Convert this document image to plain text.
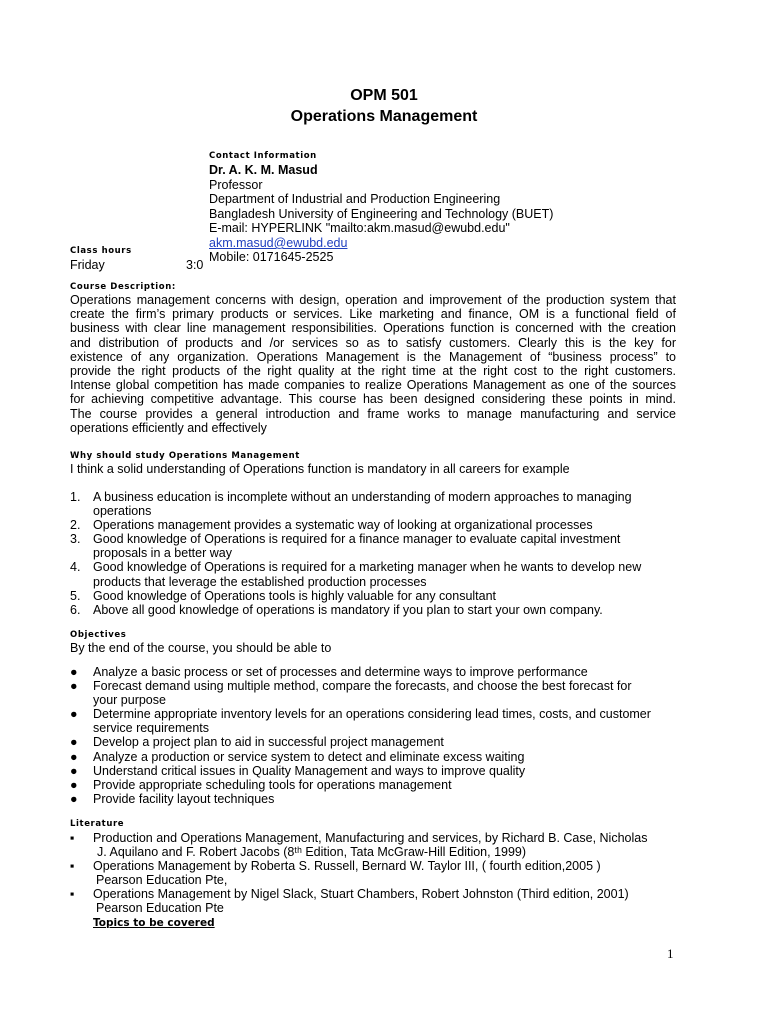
OPM 501
Operations Management
Contact Information
Dr. A. K. M. Masud
Professor
Department of Industrial and Production Engineering
Bangladesh University of Engineering and Technology (BUET)
E-mail: HYPERLINK "mailto:akm.masud@ewubd.edu"
akm.masud@ewubd.edu
Mobile: 0171645-2525
Class hours
Friday	3:0
Course Description:

Operations management concerns with design, operation and improvement of the production system that

create the firm’s primary products or services. Like marketing and finance, OM is a functional field of

business with clear line management responsibilities. Operations function is concerned with the creation

and distribution of products and /or services so as to satisfy customers. Clearly this is the key for

existence of any organization. Operations Management is the Management of “business process” to

provide the right products of the right quality at the right time at the right cost to the right customers.

Intense global competition has made companies to realize Operations Management as one of the sources

for achieving competitive advantage. This course has been designed considering these points in mind.

The course provides a general introduction and frame works to manage manufacturing and service

operations efficiently and effectively

Why should study Operations Management
I think a solid understanding of Operations function is mandatory in all careers for example
1.	A business education is incomplete without an understanding of modern approaches to managing
operations
2.	Operations management provides a systematic way of looking at organizational processes
3.	Good knowledge of Operations is required for a finance manager to evaluate capital investment
proposals in a better way
4.	Good knowledge of Operations is required for a marketing manager when he wants to develop new
products that leverage the established production processes
5.	Good knowledge of Operations tools is highly valuable for any consultant
6.	Above all good knowledge of operations is mandatory if you plan to start your own company.
Objectives
By the end of the course, you should be able to
●	Analyze a basic process or set of processes and determine ways to improve performance
●	Forecast demand using multiple method, compare the forecasts, and choose the best forecast for
your purpose
●	Determine appropriate inventory levels for an operations considering lead times, costs, and customer
service requirements
●	Develop a project plan to aid in successful project management
●	Analyze a production or service system to detect and eliminate excess waiting
●	Understand critical issues in Quality Management and ways to improve quality
●	Provide appropriate scheduling tools for operations management
●	Provide facility layout techniques
Literature
▪	Production and Operations Management, Manufacturing and services, by Richard B. Case, Nicholas
J. Aquilano and F. Robert Jacobs (8ᵗʰ Edition, Tata McGraw-Hill Edition, 1999)
▪	Operations Management by Roberta S. Russell, Bernard W. Taylor III, ( fourth edition,2005 )
Pearson Education Pte,
▪	Operations Management by Nigel Slack, Stuart Chambers, Robert Johnston (Third edition, 2001)
Pearson Education Pte
Topics to be covered
1
